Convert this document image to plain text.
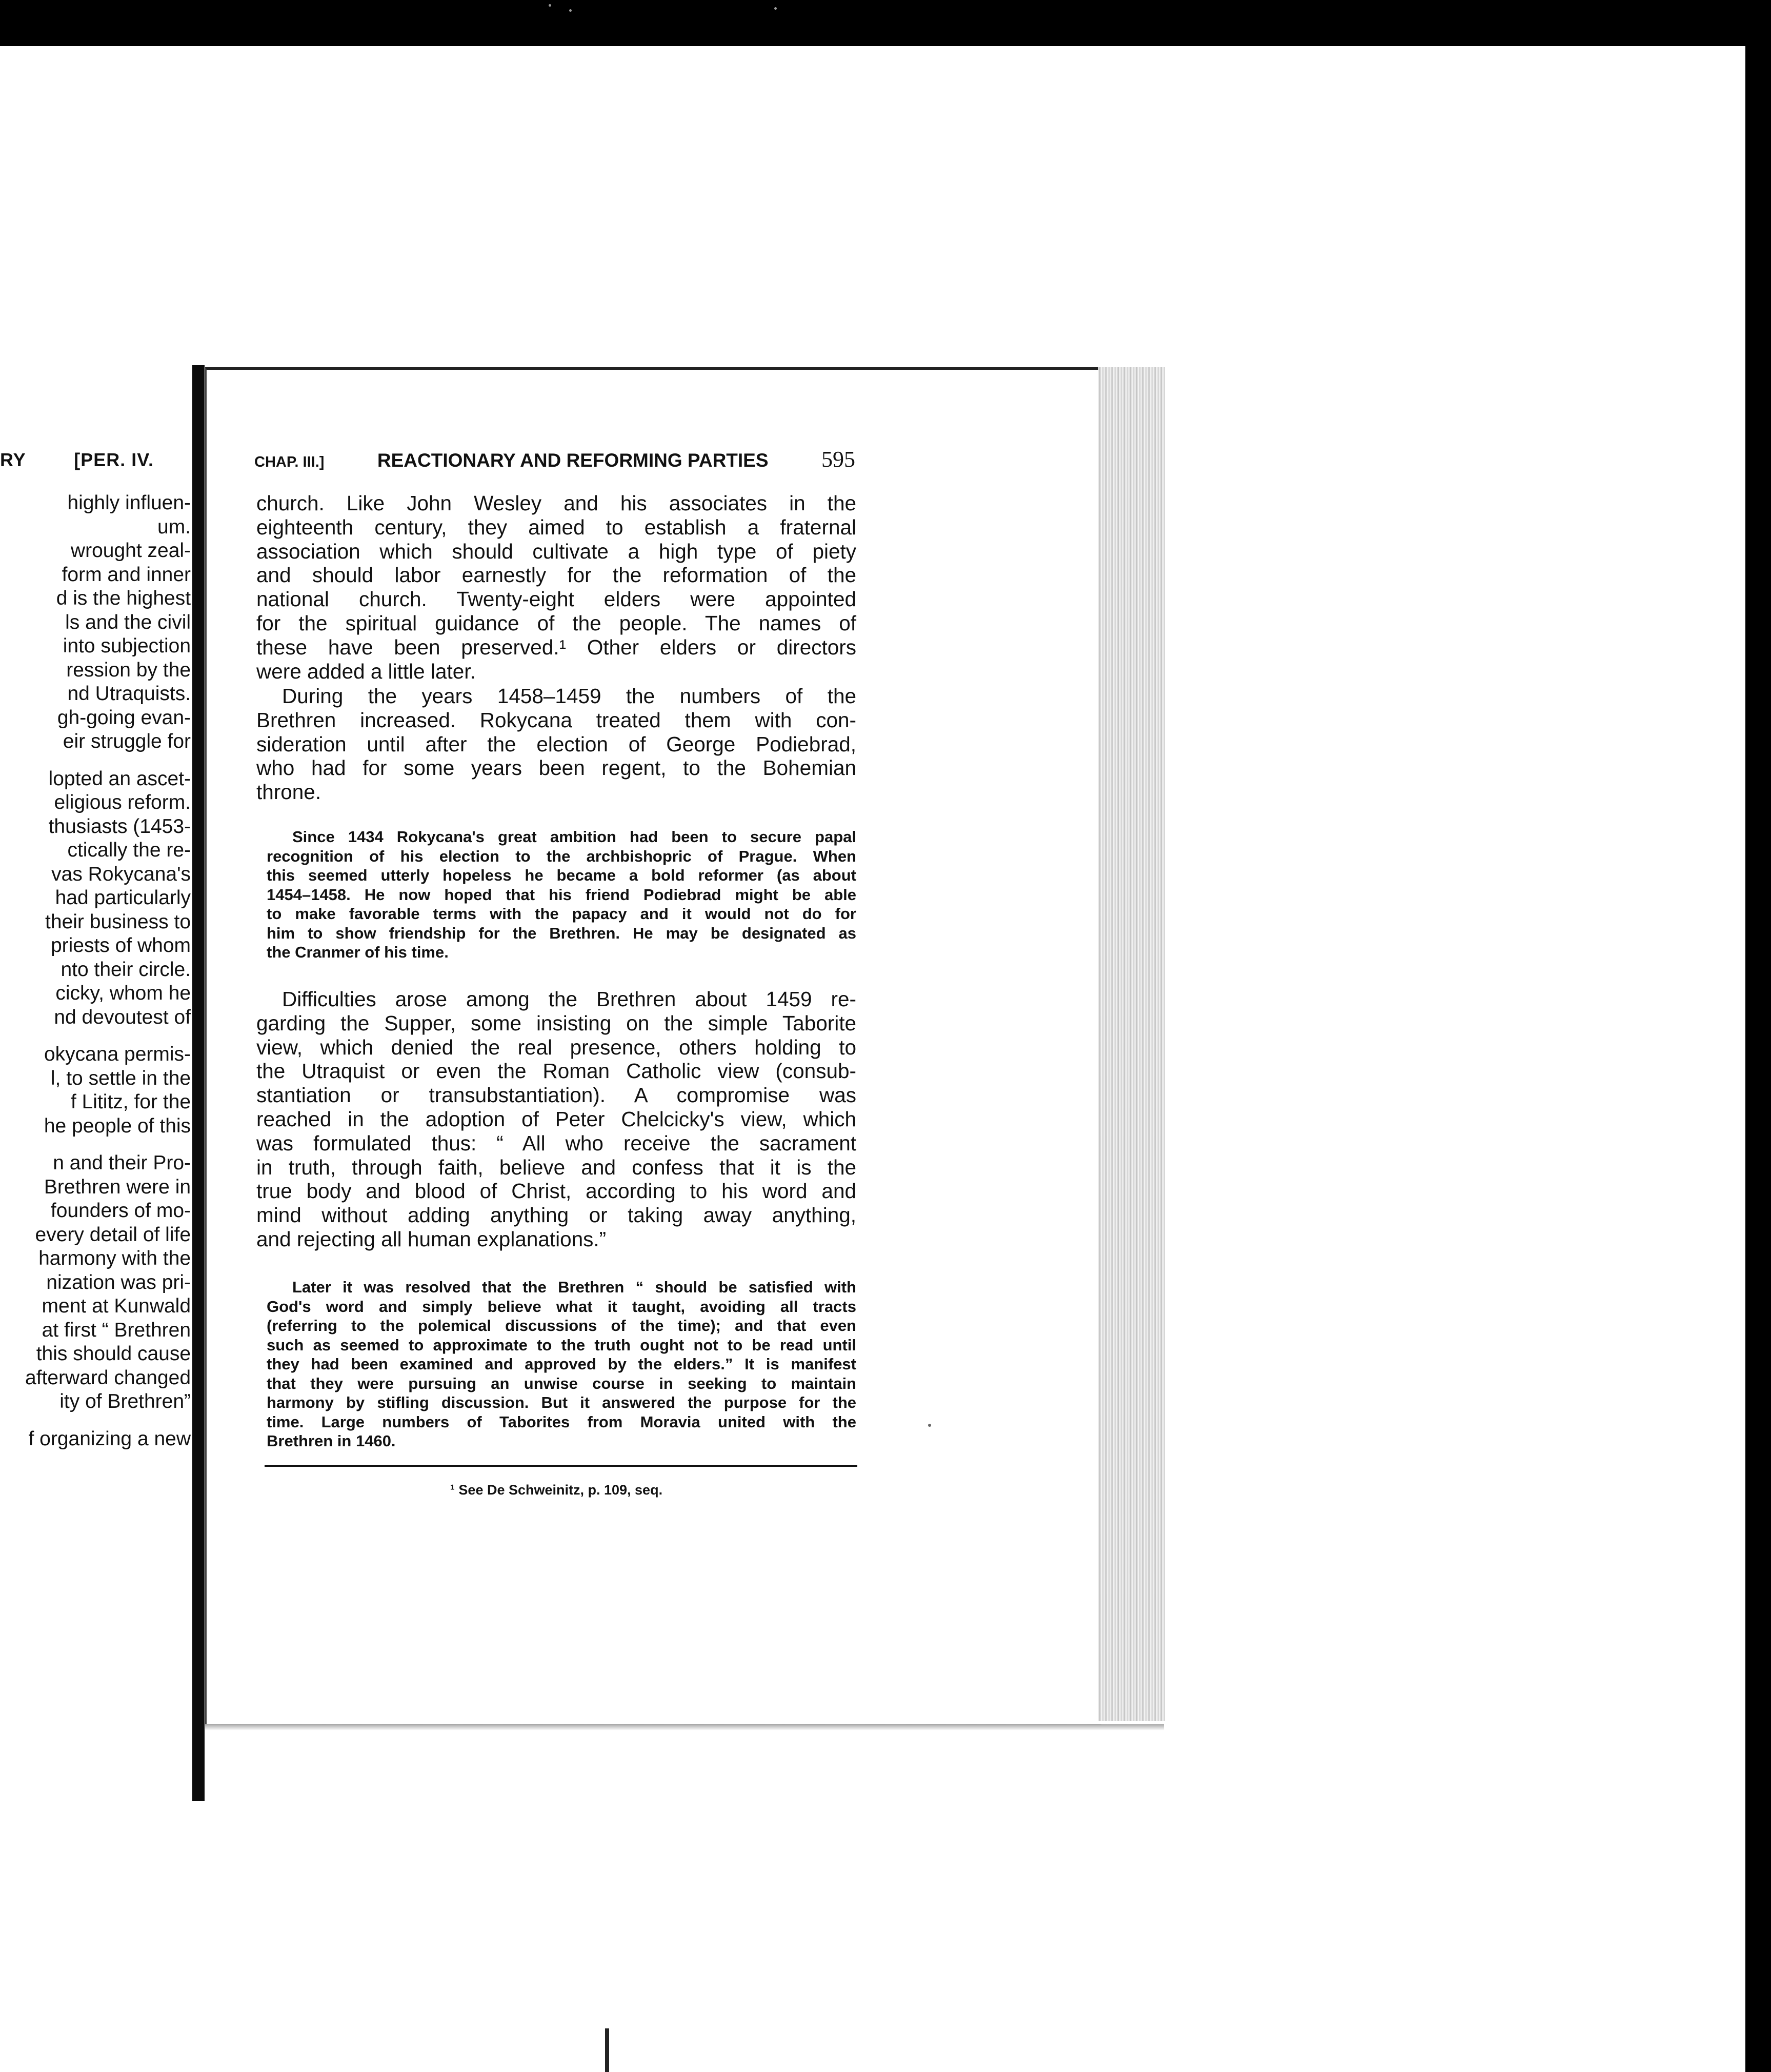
RY	[PER. IV.
highly influen-
um.
wrought zeal-
form and inner
d is the highest
ls and the civil
into subjection
ression by the
nd Utraquists.
gh-going evan-
eir struggle for
lopted an ascet-
eligious reform.
thusiasts (1453-
ctically the re-
vas Rokycana's
had particularly
their business to
priests of whom
nto their circle.
cicky, whom he
nd devoutest of
okycana permis-
l, to settle in the
f Lititz, for the
he people of this
n and their Pro-
Brethren were in
founders of mo-
every detail of life
harmony with the
nization was pri-
ment at Kunwald
at first “ Brethren
this should cause
afterward changed
ity of Brethren”
f organizing a new
CHAP. III.]	REACTIONARY AND REFORMING PARTIES 595
church. Like John Wesley and his associates in the
eighteenth century, they aimed to establish a fraternal
association which should cultivate a high type of piety
and should labor earnestly for the reformation of the
national church. Twenty-eight elders were appointed
for the spiritual guidance of the people. The names of
these have been preserved.¹ Other elders or directors
were added a little later.
During the years 1458–1459 the numbers of the
Brethren increased. Rokycana treated them with con-
sideration until after the election of George Podiebrad,
who had for some years been regent, to the Bohemian
throne.
Since 1434 Rokycana's great ambition had been to secure papal
recognition of his election to the archbishopric of Prague. When
this seemed utterly hopeless he became a bold reformer (as about
1454–1458. He now hoped that his friend Podiebrad might be able
to make favorable terms with the papacy and it would not do for
him to show friendship for the Brethren. He may be designated as
the Cranmer of his time.
Difficulties arose among the Brethren about 1459 re-
garding the Supper, some insisting on the simple Taborite
view, which denied the real presence, others holding to
the Utraquist or even the Roman Catholic view (consub-
stantiation or transubstantiation). A compromise was
reached in the adoption of Peter Chelcicky's view, which
was formulated thus: “ All who receive the sacrament
in truth, through faith, believe and confess that it is the
true body and blood of Christ, according to his word and
mind without adding anything or taking away anything,
and rejecting all human explanations.”
Later it was resolved that the Brethren “ should be satisfied with
God's word and simply believe what it taught, avoiding all tracts
(referring to the polemical discussions of the time); and that even
such as seemed to approximate to the truth ought not to be read until
they had been examined and approved by the elders.” It is manifest
that they were pursuing an unwise course in seeking to maintain
harmony by stifling discussion. But it answered the purpose for the
time. Large numbers of Taborites from Moravia united with the
Brethren in 1460.
¹ See De Schweinitz, p. 109, seq.
